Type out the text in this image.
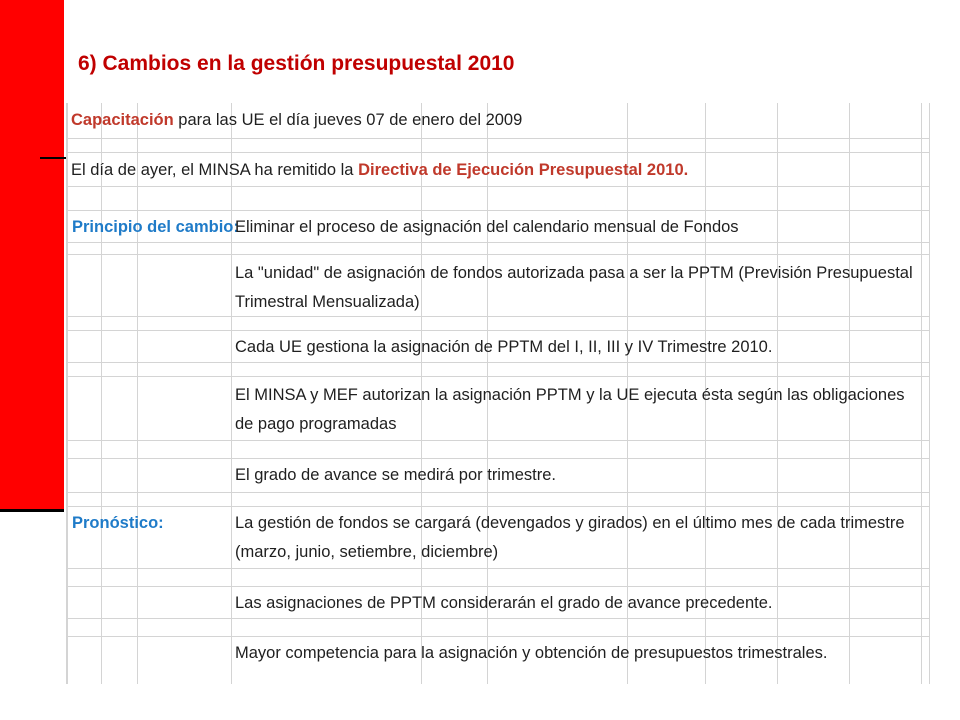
6) Cambios en la gestión presupuestal 2010
Capacitación para las UE el día jueves 07 de enero del 2009
El día de ayer, el MINSA ha remitido la Directiva de Ejecución Presupuestal 2010.
Principio del cambio:
Eliminar el proceso de asignación del calendario mensual de Fondos
La "unidad" de asignación de fondos autorizada pasa a ser la PPTM (Previsión Presupuestal Trimestral Mensualizada)
Cada UE gestiona la asignación de PPTM del I, II, III y IV Trimestre 2010.
El MINSA y MEF autorizan la asignación PPTM y la UE ejecuta ésta según las obligaciones de pago programadas
El grado de avance se medirá por trimestre.
Pronóstico:	La gestión de fondos se cargará (devengados y girados) en el último mes de cada trimestre (marzo, junio, setiembre, diciembre)
Las asignaciones de PPTM considerarán el grado de avance precedente.
Mayor competencia para la asignación y obtención de presupuestos trimestrales.
